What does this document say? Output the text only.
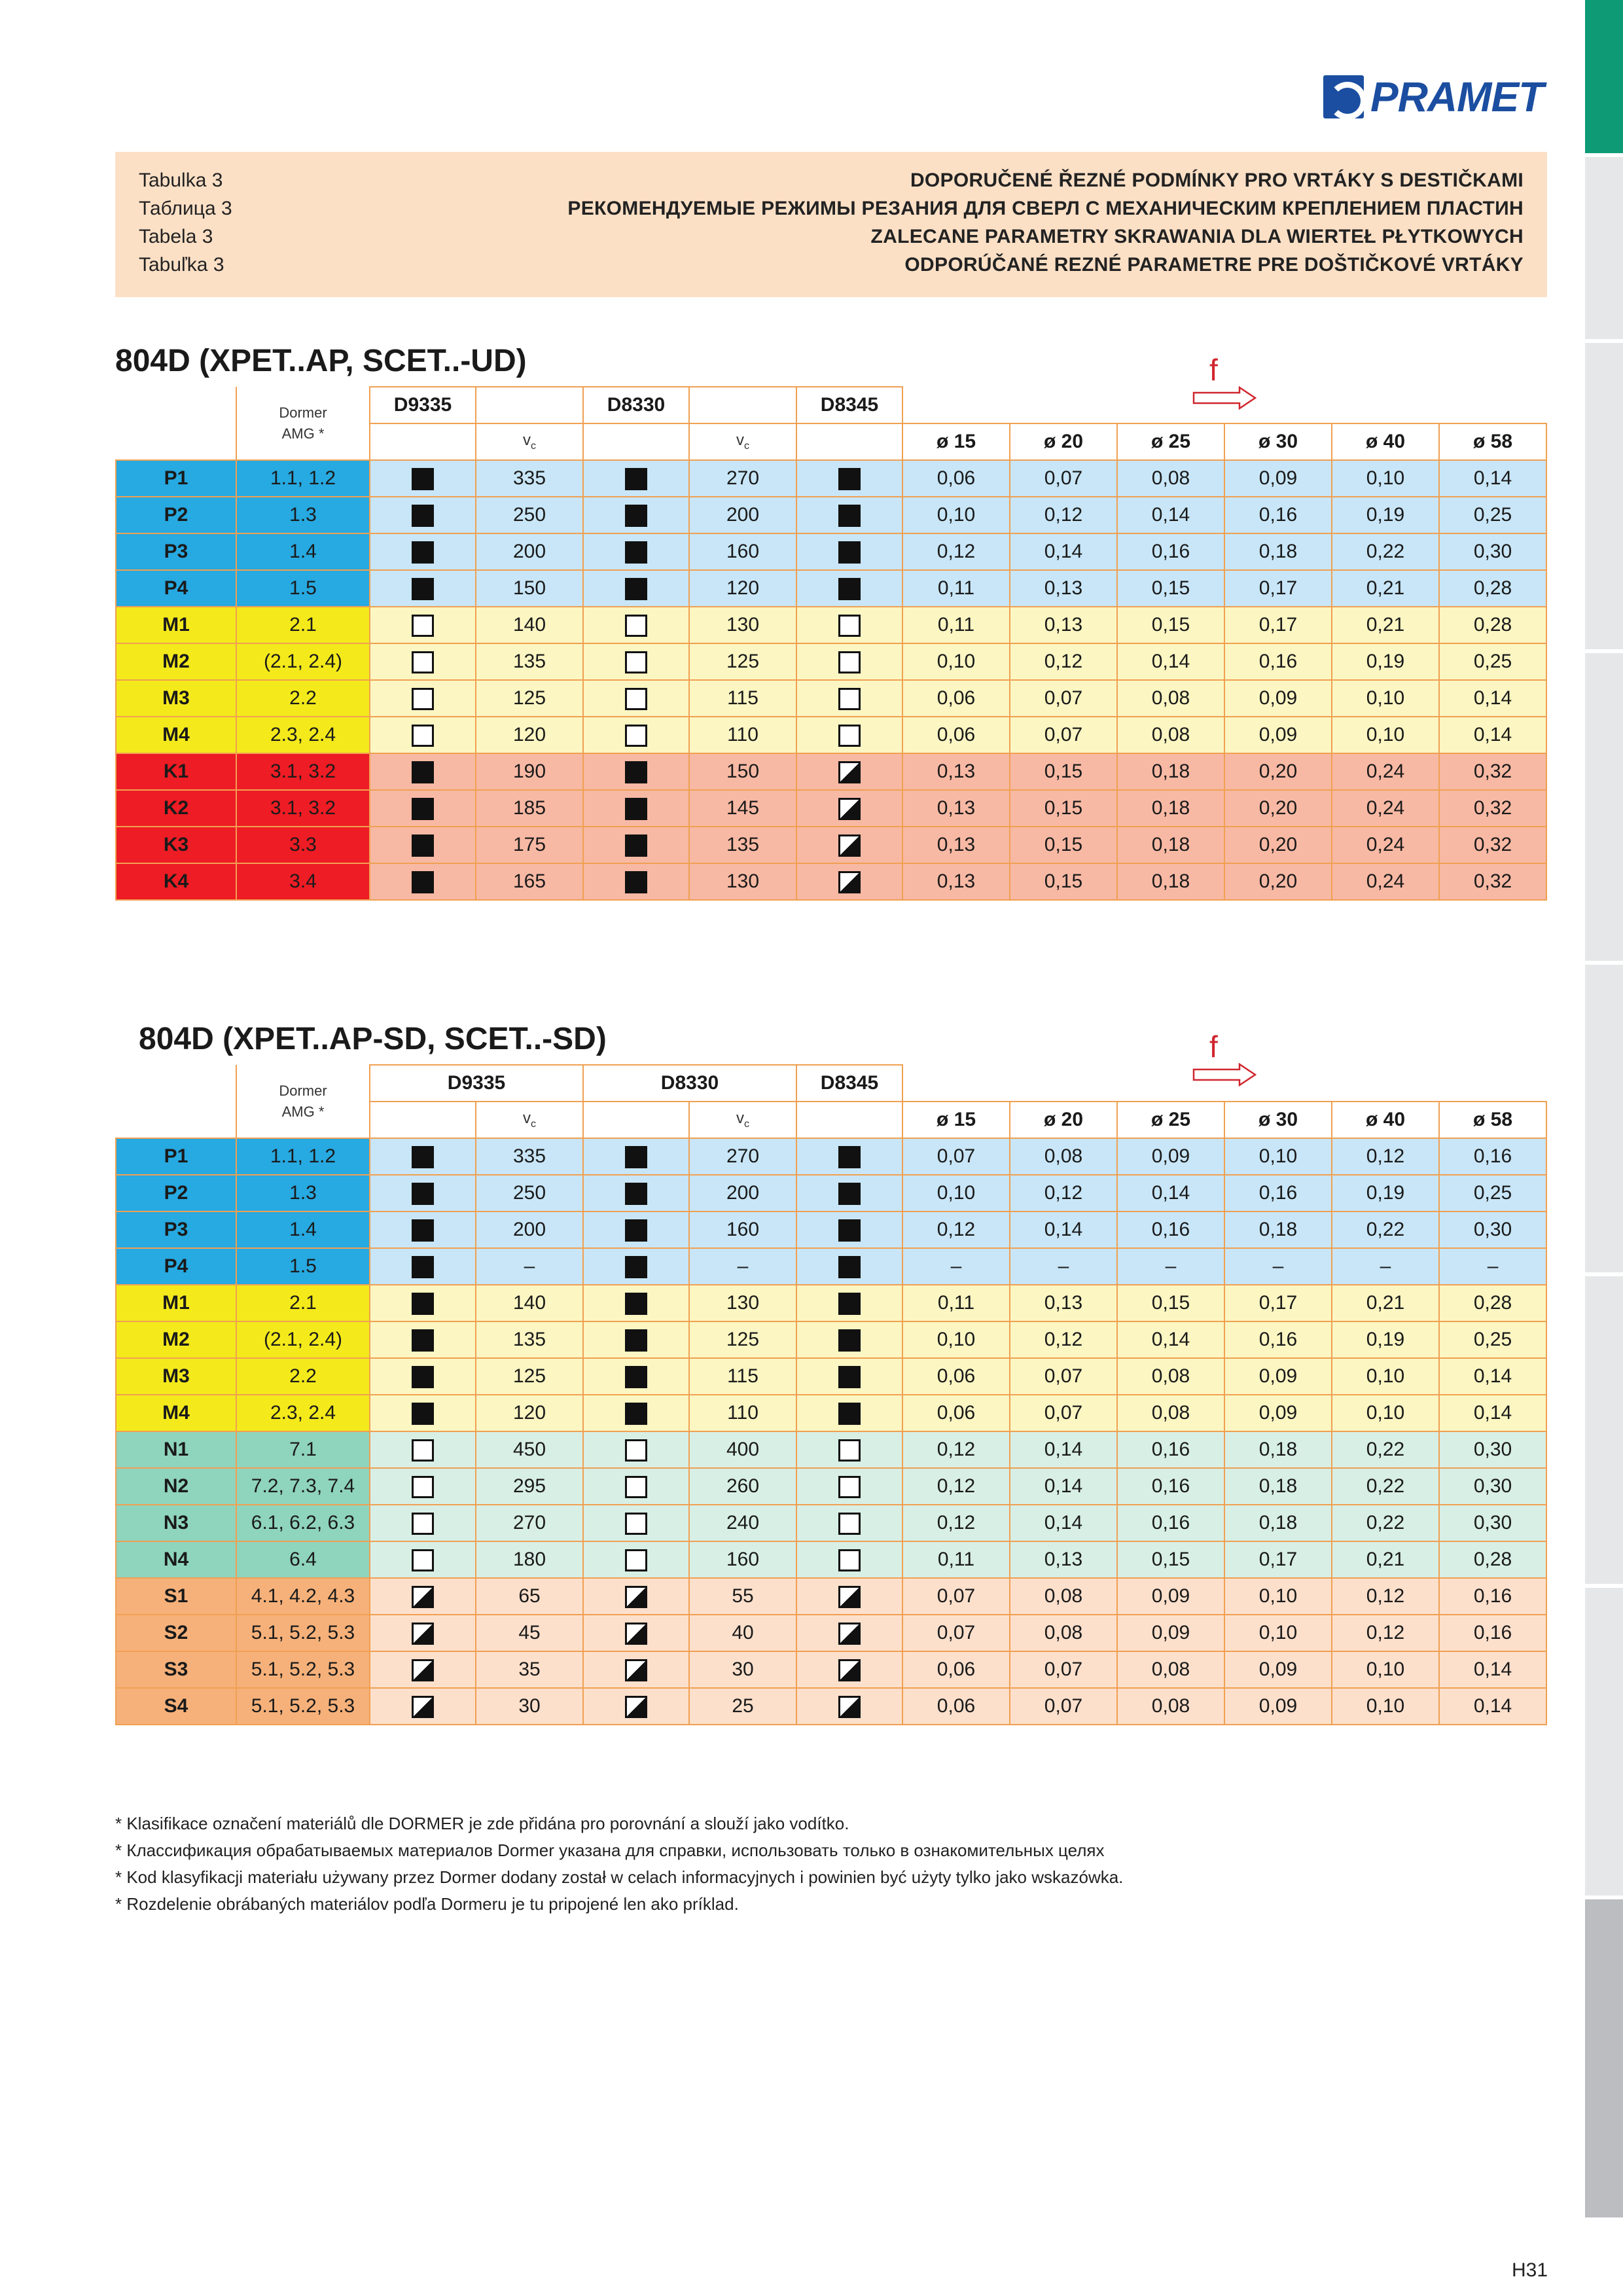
PRAMET
Tabulka 3
Таблица 3
Tabela 3
Tabuľka 3
DOPORUČENÉ ŘEZNÉ PODMÍNKY PRO VRTÁKY S DESTIČKAMI
РЕКОМЕНДУЕМЫЕ РЕЖИМЫ РЕЗАНИЯ ДЛЯ СВЕРЛ С МЕХАНИЧЕСКИМ КРЕПЛЕНИЕМ ПЛАСТИН
ZALECANE PARAMETRY SKRAWANIA DLA WIERTEŁ PŁYTKOWYCH
ODPORÚČANÉ REZNÉ PARAMETRE PRE DOŠTIČKOVÉ VRTÁKY
804D (XPET..AP, SCET..-UD)	f

	Dormer
AMG *	D9335		D8330		D8345						
			$v_c$		$v_c$		ø 15	ø 20	ø 25	ø 30	ø 40	ø 58
P1	1.1, 1.2		335		270		0,06	0,07	0,08	0,09	0,10	0,14
P2	1.3		250		200		0,10	0,12	0,14	0,16	0,19	0,25
P3	1.4		200		160		0,12	0,14	0,16	0,18	0,22	0,30
P4	1.5		150		120		0,11	0,13	0,15	0,17	0,21	0,28
M1	2.1		140		130		0,11	0,13	0,15	0,17	0,21	0,28
M2	(2.1, 2.4)		135		125		0,10	0,12	0,14	0,16	0,19	0,25
M3	2.2		125		115		0,06	0,07	0,08	0,09	0,10	0,14
M4	2.3, 2.4		120		110		0,06	0,07	0,08	0,09	0,10	0,14
K1	3.1, 3.2		190		150		0,13	0,15	0,18	0,20	0,24	0,32
K2	3.1, 3.2		185		145		0,13	0,15	0,18	0,20	0,24	0,32
K3	3.3		175		135		0,13	0,15	0,18	0,20	0,24	0,32
K4	3.4		165		130		0,13	0,15	0,18	0,20	0,24	0,32
804D (XPET..AP-SD, SCET..-SD)	f

	Dormer
AMG *	D9335		D8330		D8345						
			$v_c$		$v_c$		ø 15	ø 20	ø 25	ø 30	ø 40	ø 58
P1	1.1, 1.2		335		270		0,07	0,08	0,09	0,10	0,12	0,16
P2	1.3		250		200		0,10	0,12	0,14	0,16	0,19	0,25
P3	1.4		200		160		0,12	0,14	0,16	0,18	0,22	0,30
P4	1.5		–		–		–	–	–	–	–	–
M1	2.1		140		130		0,11	0,13	0,15	0,17	0,21	0,28
M2	(2.1, 2.4)		135		125		0,10	0,12	0,14	0,16	0,19	0,25
M3	2.2		125		115		0,06	0,07	0,08	0,09	0,10	0,14
M4	2.3, 2.4		120		110		0,06	0,07	0,08	0,09	0,10	0,14
N1	7.1		450		400		0,12	0,14	0,16	0,18	0,22	0,30
N2	7.2, 7.3, 7.4		295		260		0,12	0,14	0,16	0,18	0,22	0,30
N3	6.1, 6.2, 6.3		270		240		0,12	0,14	0,16	0,18	0,22	0,30
N4	6.4		180		160		0,11	0,13	0,15	0,17	0,21	0,28
S1	4.1, 4.2, 4.3		65		55		0,07	0,08	0,09	0,10	0,12	0,16
S2	5.1, 5.2, 5.3		45		40		0,07	0,08	0,09	0,10	0,12	0,16
S3	5.1, 5.2, 5.3		35		30		0,06	0,07	0,08	0,09	0,10	0,14
S4	5.1, 5.2, 5.3		30		25		0,06	0,07	0,08	0,09	0,10	0,14
* Klasifikace označení materiálů dle DORMER je zde přidána pro porovnání a slouží jako vodítko.
* Классификация обрабатываемых материалов Dormer указана для справки, использовать только в ознакомительных целях
* Kod klasyfikacji materiału używany przez Dormer dodany został w celach informacyjnych i powinien być użyty tylko jako wskazówka.
* Rozdelenie obrábaných materiálov podľa Dormeru je tu pripojené len ako príklad.
H31
